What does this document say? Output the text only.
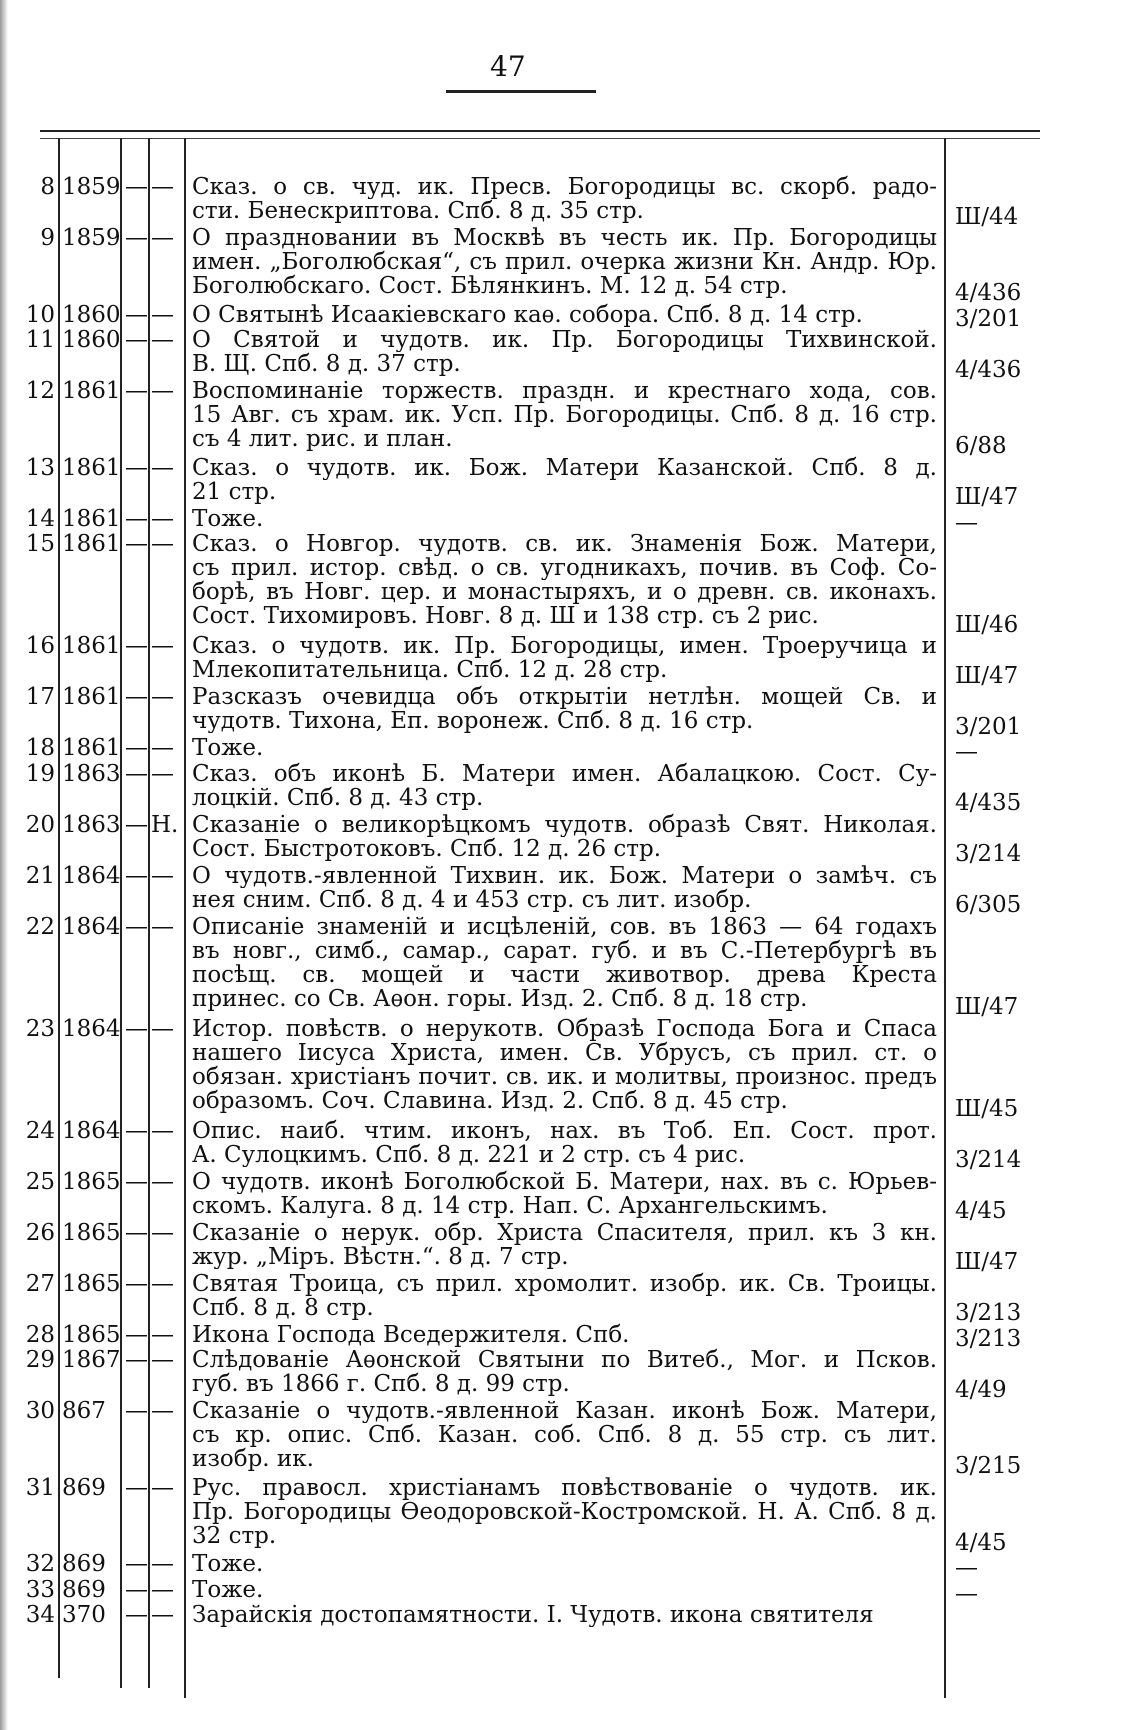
47
8 1859 — — Сказ. о св. чуд. ик. Пресв. Богородицы вс. скорб. радо-
сти. Бенескриптова. Спб. 8 д. 35 стр.	Ш/44
9 1859 — — О праздновании въ Москвѣ въ честь ик. Пр. Богородицы
имен. „Боголюбская“, съ прил. очерка жизни Кн. Андр. Юр.
Боголюбскаго. Сост. Бѣлянкинъ. М. 12 д. 54 стр.	4/436
10 1860 — — О Святынѣ Исаакіевскаго каѳ. собора. Спб. 8 д. 14 стр.	3/201
11 1860 — — О Святой и чудотв. ик. Пр. Богородицы Тихвинской.
В. Щ. Спб. 8 д. 37 стр.	4/436
12 1861 — — Воспоминаніе торжеств. праздн. и крестнаго хода, сов.
15 Авг. съ храм. ик. Усп. Пр. Богородицы. Спб. 8 д. 16 стр.
съ 4 лит. рис. и план.	6/88
13 1861 — — Сказ. о чудотв. ик. Бож. Матери Казанской. Спб. 8 д.
21 стр.	Ш/47
14 1861 — — Тоже.	—
15 1861 — — Сказ. о Новгор. чудотв. св. ик. Знаменія Бож. Матери,
съ прил. истор. свѣд. о св. угодникахъ, почив. въ Соф. Со-
борѣ, въ Новг. цер. и монастыряхъ, и о древн. св. иконахъ.
Сост. Тихомировъ. Новг. 8 д. Ш и 138 стр. съ 2 рис.	Ш/46
16 1861 — — Сказ. о чудотв. ик. Пр. Богородицы, имен. Троеручица и
Млекопитательница. Спб. 12 д. 28 стр.	Ш/47
17 1861 — — Разсказъ очевидца объ открытіи нетлѣн. мощей Св. и
чудотв. Тихона, Еп. воронеж. Спб. 8 д. 16 стр.	3/201
18 1861 — — Тоже.	—
19 1863 — — Сказ. объ иконѣ Б. Матери имен. Абалацкою. Сост. Су-
лоцкій. Спб. 8 д. 43 стр.	4/435
20 1863 — Н. Сказаніе о великорѣцкомъ чудотв. образѣ Свят. Николая.
Сост. Быстротоковъ. Спб. 12 д. 26 стр.	3/214
21 1864 — — О чудотв.-явленной Тихвин. ик. Бож. Матери о замѣч. съ
нея сним. Спб. 8 д. 4 и 453 стр. съ лит. изобр.	6/305
22 1864 — — Описаніе знаменій и исцѣленій, сов. въ 1863 — 64 годахъ
въ новг., симб., самар., сарат. губ. и въ С.-Петербургѣ въ
посѣщ. св. мощей и части животвор. древа Креста
принес. со Св. Аѳон. горы. Изд. 2. Спб. 8 д. 18 стр.	Ш/47
23 1864 — — Истор. повѣств. о нерукотв. Образѣ Господа Бога и Спаса
нашего Іисуса Христа, имен. Св. Убрусъ, съ прил. ст. о
обязан. христіанъ почит. св. ик. и молитвы, произнос. предъ
образомъ. Соч. Славина. Изд. 2. Спб. 8 д. 45 стр.	Ш/45
24 1864 — — Опис. наиб. чтим. иконъ, нах. въ Тоб. Еп. Сост. прот.
А. Сулоцкимъ. Спб. 8 д. 221 и 2 стр. съ 4 рис.	3/214
25 1865 — — О чудотв. иконѣ Боголюбской Б. Матери, нах. въ с. Юрьев-
скомъ. Калуга. 8 д. 14 стр. Нап. С. Архангельскимъ.	4/45
26 1865 — — Сказаніе о нерук. обр. Христа Спасителя, прил. къ 3 кн.
жур. „Міръ. Вѣстн.“. 8 д. 7 стр.	Ш/47
27 1865 — — Святая Троица, съ прил. хромолит. изобр. ик. Св. Троицы.
Спб. 8 д. 8 стр.	3/213
28 1865 — — Икона Господа Вседержителя. Спб.	3/213
29 1867 — — Слѣдованіе Аѳонской Святыни по Витеб., Мог. и Псков.
губ. въ 1866 г. Спб. 8 д. 99 стр.	4/49
30 867 — — Сказаніе о чудотв.-явленной Казан. иконѣ Бож. Матери,
съ кр. опис. Спб. Казан. соб. Спб. 8 д. 55 стр. съ лит.
изобр. ик.	3/215
31 869 — — Рус. правосл. христіанамъ повѣствованіе о чудотв. ик.
Пр. Богородицы Ѳеодоровской-Костромской. Н. А. Спб. 8 д.
32 стр.	4/45
32 869 — — Тоже.	—
33 869 — — Тоже.	—
34 370 — — Зарайскія достопамятности. I. Чудотв. икона святителя
